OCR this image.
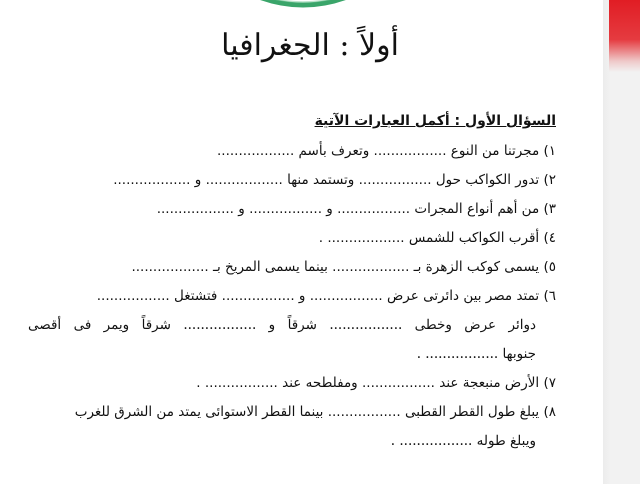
أولاً : الجغرافيا
السؤال الأول : أكمل العبارات الآتية
١) مجرتنا من النوع ................. وتعرف بأسم ..................
٢) تدور الكواكب حول ................. وتستمد منها .................. و ..................
٣) من أهم أنواع المجرات ................. و ................. و ..................
٤) أقرب الكواكب للشمس .................. .
٥) يسمى كوكب الزهرة بـ .................. بينما يسمى المريخ بـ ..................
٦) تمتد مصر بين دائرتى عرض ................. و ................. فتشتغل .................
دوائر عرض وخطى ................. شرقاً و ................. شرقاً ويمر فى أقصى
جنوبها ................. .
٧) الأرض منبعجة عند ................. ومفلطحه عند ................. .
٨) يبلغ طول القطر القطبى ................. بينما القطر الاستوائى يمتد من الشرق للغرب
ويبلغ طوله ................. .
